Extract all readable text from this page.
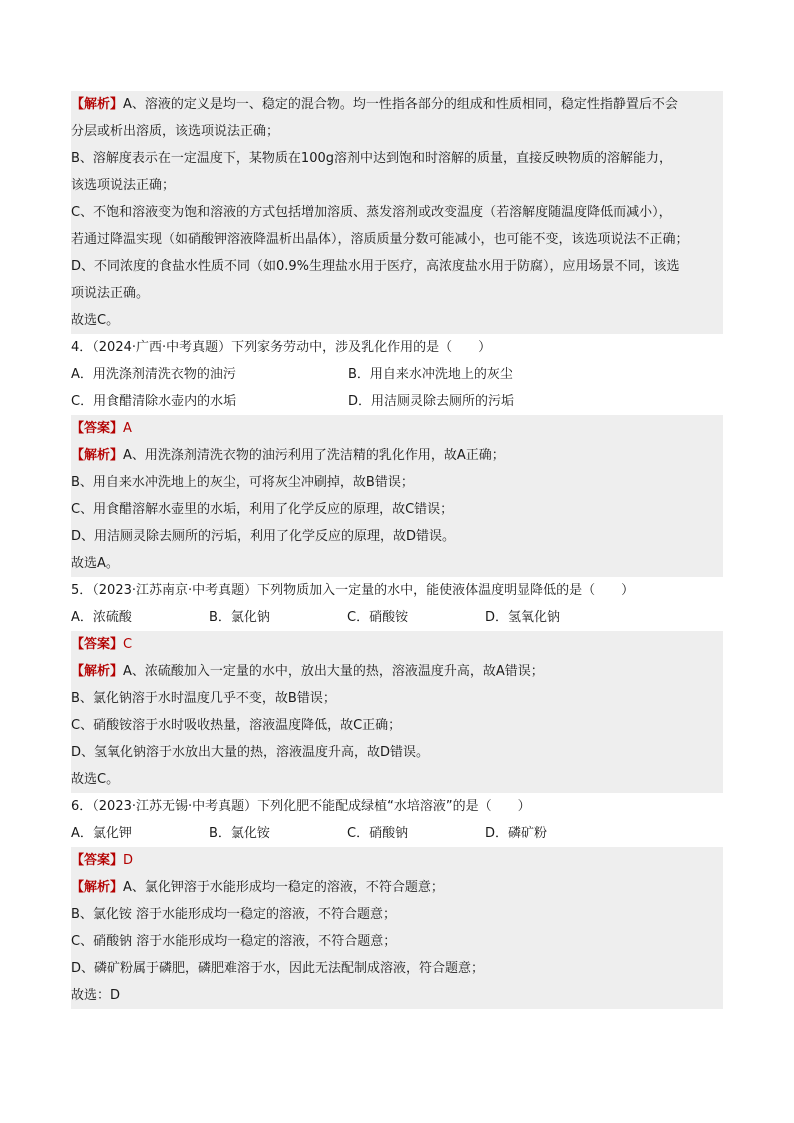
【解析】A、溶液的定义是均一、稳定的混合物。均一性指各部分的组成和性质相同，稳定性指静置后不会
分层或析出溶质，该选项说法正确；
B、溶解度表示在一定温度下，某物质在100g溶剂中达到饱和时溶解的质量，直接反映物质的溶解能力，
该选项说法正确；
C、不饱和溶液变为饱和溶液的方式包括增加溶质、蒸发溶剂或改变温度（若溶解度随温度降低而减小），
若通过降温实现（如硝酸钾溶液降温析出晶体），溶质质量分数可能减小，也可能不变，该选项说法不正确；
D、不同浓度的食盐水性质不同（如0.9%生理盐水用于医疗，高浓度盐水用于防腐），应用场景不同，该选
项说法正确。
故选C。
4．（2024·广西·中考真题）下列家务劳动中，涉及乳化作用的是（　　）
A．用洗涤剂清洗衣物的油污	B．用自来水冲洗地上的灰尘
C．用食醋清除水壶内的水垢	D．用洁厕灵除去厕所的污垢
【答案】A
【解析】A、用洗涤剂清洗衣物的油污利用了洗洁精的乳化作用，故A正确；
B、用自来水冲洗地上的灰尘，可将灰尘冲刷掉，故B错误；
C、用食醋溶解水壶里的水垢，利用了化学反应的原理，故C错误；
D、用洁厕灵除去厕所的污垢，利用了化学反应的原理，故D错误。
故选A。
5．（2023·江苏南京·中考真题）下列物质加入一定量的水中，能使液体温度明显降低的是（　　）
A．浓硫酸	B．氯化钠	C．硝酸铵	D．氢氧化钠
【答案】C
【解析】A、浓硫酸加入一定量的水中，放出大量的热，溶液温度升高，故A错误；
B、氯化钠溶于水时温度几乎不变，故B错误；
C、硝酸铵溶于水时吸收热量，溶液温度降低，故C正确；
D、氢氧化钠溶于水放出大量的热，溶液温度升高，故D错误。
故选C。
6．（2023·江苏无锡·中考真题）下列化肥不能配成绿植“水培溶液”的是（　　）
A．氯化钾	B．氯化铵	C．硝酸钠	D．磷矿粉
【答案】D
【解析】A、氯化钾溶于水能形成均一稳定的溶液，不符合题意；
B、氯化铵 溶于水能形成均一稳定的溶液，不符合题意；
C、硝酸钠 溶于水能形成均一稳定的溶液，不符合题意；
D、磷矿粉属于磷肥，磷肥难溶于水，因此无法配制成溶液，符合题意；
故选：D
